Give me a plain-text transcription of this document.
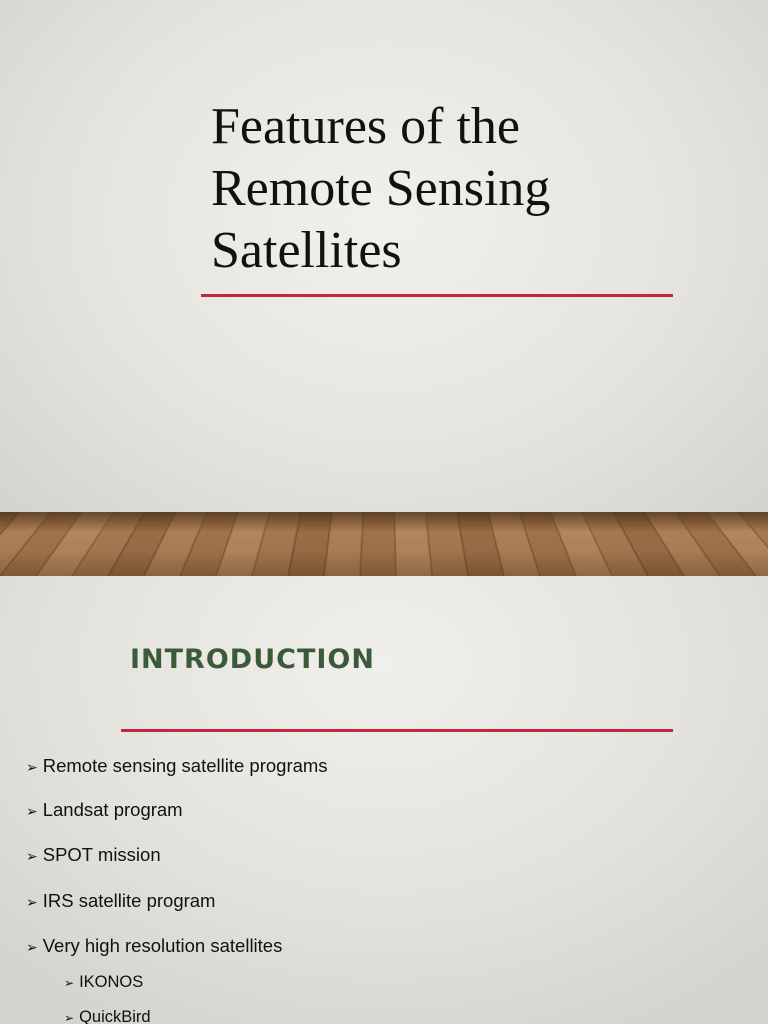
Features of the
Remote Sensing
Satellites
INTRODUCTION
➢ Remote sensing satellite programs
➢ Landsat program
➢ SPOT mission
➢ IRS satellite program
➢ Very high resolution satellites
➢ IKONOS
➢ QuickBird
